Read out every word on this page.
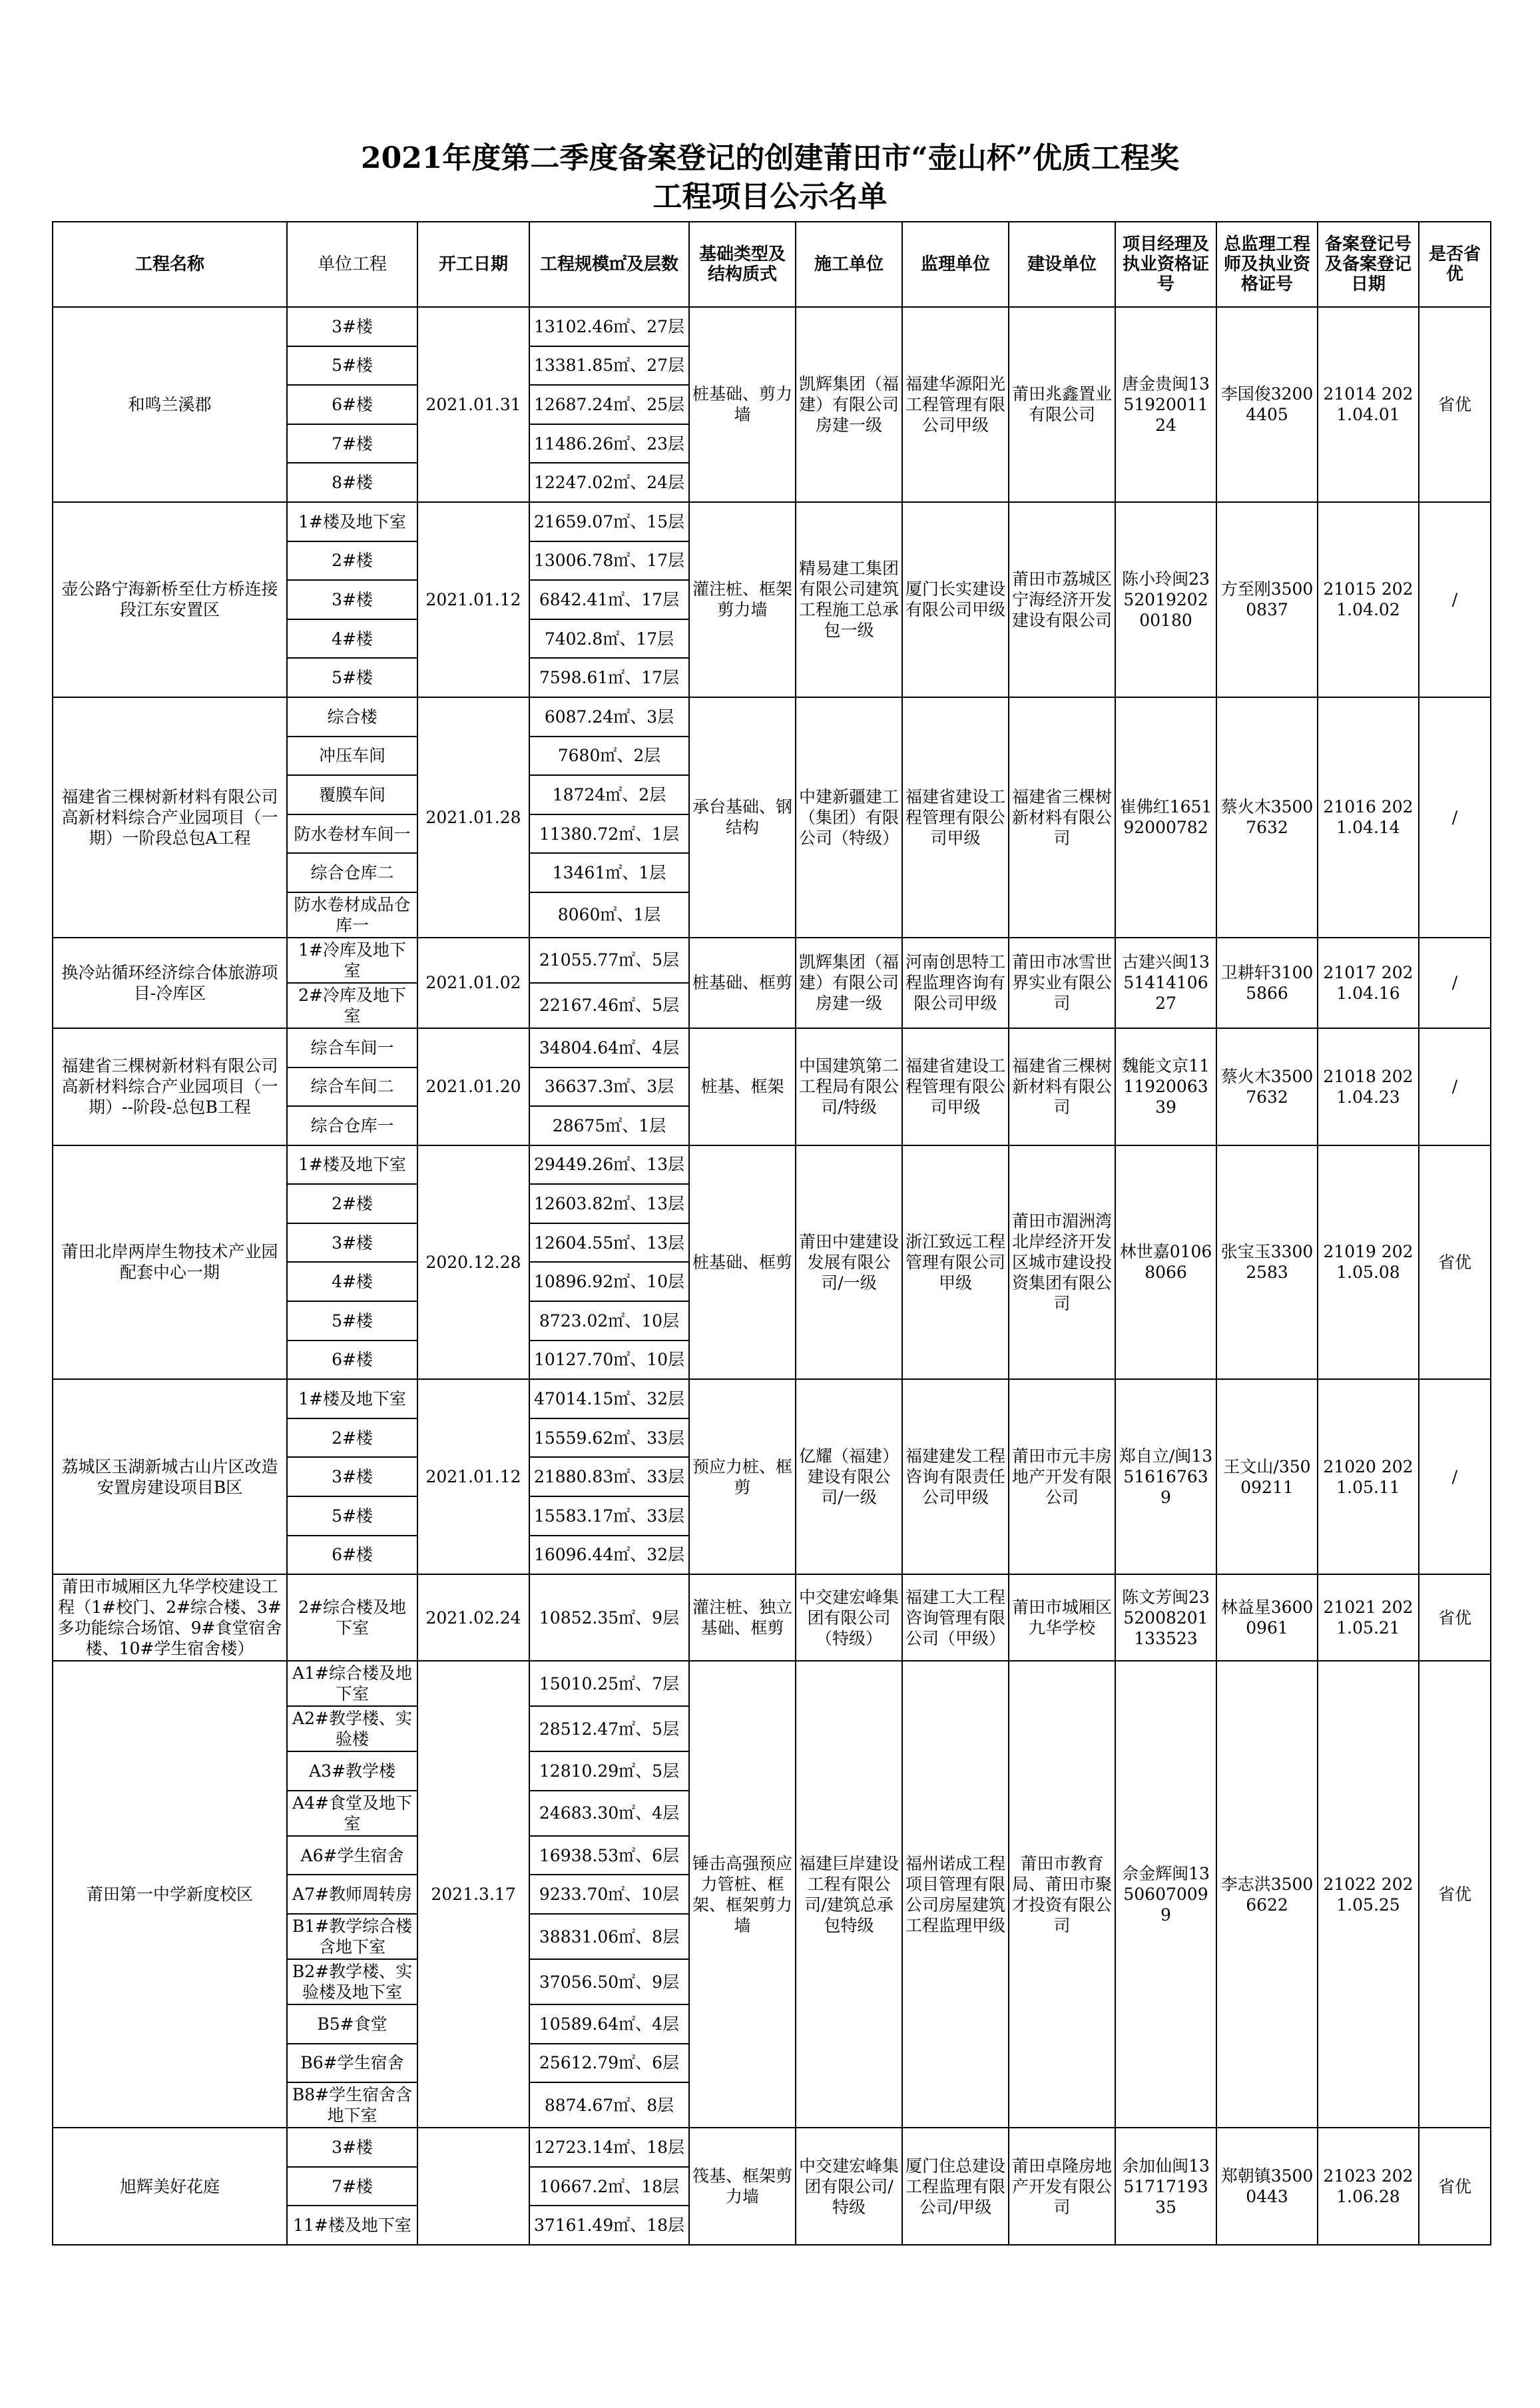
2021年度第二季度备案登记的创建莆田市“壶山杯”优质工程奖
工程项目公示名单
工程名称	单位工程	开工日期	工程规模㎡及层数	基础类型及结构质式	施工单位	监理单位	建设单位	项目经理及执业资格证号	总监理工程师及执业资格证号	备案登记号及备案登记日期	是否省优
和鸣兰溪郡	3#楼	2021.01.31	13102.46㎡、27层	桩基础、剪力墙	凯辉集团（福建）有限公司 房建一级	福建华源阳光工程管理有限公司甲级	莆田兆鑫置业有限公司	唐金贵闽135192001124	李国俊32004405	21014 2021.04.01	省优
	5#楼		13381.85㎡、27层								
	6#楼		12687.24㎡、25层								
	7#楼		11486.26㎡、23层								
	8#楼		12247.02㎡、24层								
壶公路宁海新桥至仕方桥连接段江东安置区	1#楼及地下室	2021.01.12	21659.07㎡、15层	灌注桩、框架剪力墙	精易建工集团有限公司建筑工程施工总承包一级	厦门长实建设有限公司甲级	莆田市荔城区宁海经济开发建设有限公司	陈小玲闽235201920200180	方至刚35000837	21015 2021.04.02	/
	2#楼		13006.78㎡、17层								
	3#楼		6842.41㎡、17层								
	4#楼		7402.8㎡、17层								
	5#楼		7598.61㎡、17层								
福建省三棵树新材料有限公司高新材料综合产业园项目（一期）一阶段总包A工程	综合楼	2021.01.28	6087.24㎡、3层	承台基础、钢结构	中建新疆建工（集团）有限公司（特级）	福建省建设工程管理有限公司甲级	福建省三棵树新材料有限公司	崔佛红165192000782	蔡火木35007632	21016 2021.04.14	/
	冲压车间		7680㎡、2层								
	覆膜车间		18724㎡、2层								
	防水卷材车间一		11380.72㎡、1层								
	综合仓库二		13461㎡、1层								
	防水卷材成品仓库一		8060㎡、1层								
换冷站循环经济综合体旅游项目-冷库区	1#冷库及地下室	2021.01.02	21055.77㎡、5层	桩基础、框剪	凯辉集团（福建）有限公司 房建一级	河南创思特工程监理咨询有限公司甲级	莆田市冰雪世界实业有限公司	古建兴闽135141410627	卫耕轩31005866	21017 2021.04.16	/
	2#冷库及地下室		22167.46㎡、5层								
福建省三棵树新材料有限公司高新材料综合产业园项目（一期）--阶段-总包B工程	综合车间一	2021.01.20	34804.64㎡、4层	桩基、框架	中国建筑第二工程局有限公司/特级	福建省建设工程管理有限公司甲级	福建省三棵树新材料有限公司	魏能文京111192006339	蔡火木35007632	21018 2021.04.23	/
	综合车间二		36637.3㎡、3层								
	综合仓库一		28675㎡、1层								
莆田北岸两岸生物技术产业园配套中心一期	1#楼及地下室	2020.12.28	29449.26㎡、13层	桩基础、框剪	莆田中建建设发展有限公司/一级	浙江致远工程管理有限公司甲级	莆田市湄洲湾北岸经济开发区城市建设投资集团有限公司	林世嘉01068066	张宝玉33002583	21019 2021.05.08	省优
	2#楼		12603.82㎡、13层								
	3#楼		12604.55㎡、13层								
	4#楼		10896.92㎡、10层								
	5#楼		8723.02㎡、10层								
	6#楼		10127.70㎡、10层								
荔城区玉湖新城古山片区改造安置房建设项目B区	1#楼及地下室	2021.01.12	47014.15㎡、32层	预应力桩、框剪	亿耀（福建）建设有限公司/一级	福建建发工程咨询有限责任公司甲级	莆田市元丰房地产开发有限公司	郑自立/闽13516167639	王文山/35009211	21020 2021.05.11	/
	2#楼		15559.62㎡、33层								
	3#楼		21880.83㎡、33层								
	5#楼		15583.17㎡、33层								
	6#楼		16096.44㎡、32层								
莆田市城厢区九华学校建设工程（1#校门、2#综合楼、3#多功能综合场馆、9#食堂宿舍楼、10#学生宿舍楼）	2#综合楼及地下室	2021.02.24	10852.35㎡、9层	灌注桩、独立基础、框剪	中交建宏峰集团有限公司（特级）	福建工大工程咨询管理有限公司（甲级）	莆田市城厢区九华学校	陈文芳闽2352008201133523	林益星36000961	21021 2021.05.21	省优
莆田第一中学新度校区	A1#综合楼及地下室	2021.3.17	15010.25㎡、7层	锤击高强预应力管桩、框架、框架剪力墙	福建巨岸建设工程有限公司/建筑总承包特级	福州诺成工程项目管理有限公司房屋建筑工程监理甲级	莆田市教育局、莆田市聚才投资有限公司	佘金辉闽13506070099	李志洪35006622	21022 2021.05.25	省优
	A2#教学楼、实验楼		28512.47㎡、5层								
	A3#教学楼		12810.29㎡、5层								
	A4#食堂及地下室		24683.30㎡、4层								
	A6#学生宿舍		16938.53㎡、6层								
	A7#教师周转房		9233.70㎡、10层								
	B1#教学综合楼含地下室		38831.06㎡、8层								
	B2#教学楼、实验楼及地下室		37056.50㎡、9层								
	B5#食堂		10589.64㎡、4层								
	B6#学生宿舍		25612.79㎡、6层								
	B8#学生宿舍含地下室		8874.67㎡、8层								
旭辉美好花庭	3#楼		12723.14㎡、18层	筏基、框架剪力墙	中交建宏峰集团有限公司/特级	厦门住总建设工程监理有限公司/甲级	莆田卓隆房地产开发有限公司	余加仙闽135171719335	郑朝镇35000443	21023 2021.06.28	省优
	7#楼		10667.2㎡、18层								
	11#楼及地下室		37161.49㎡、18层								
